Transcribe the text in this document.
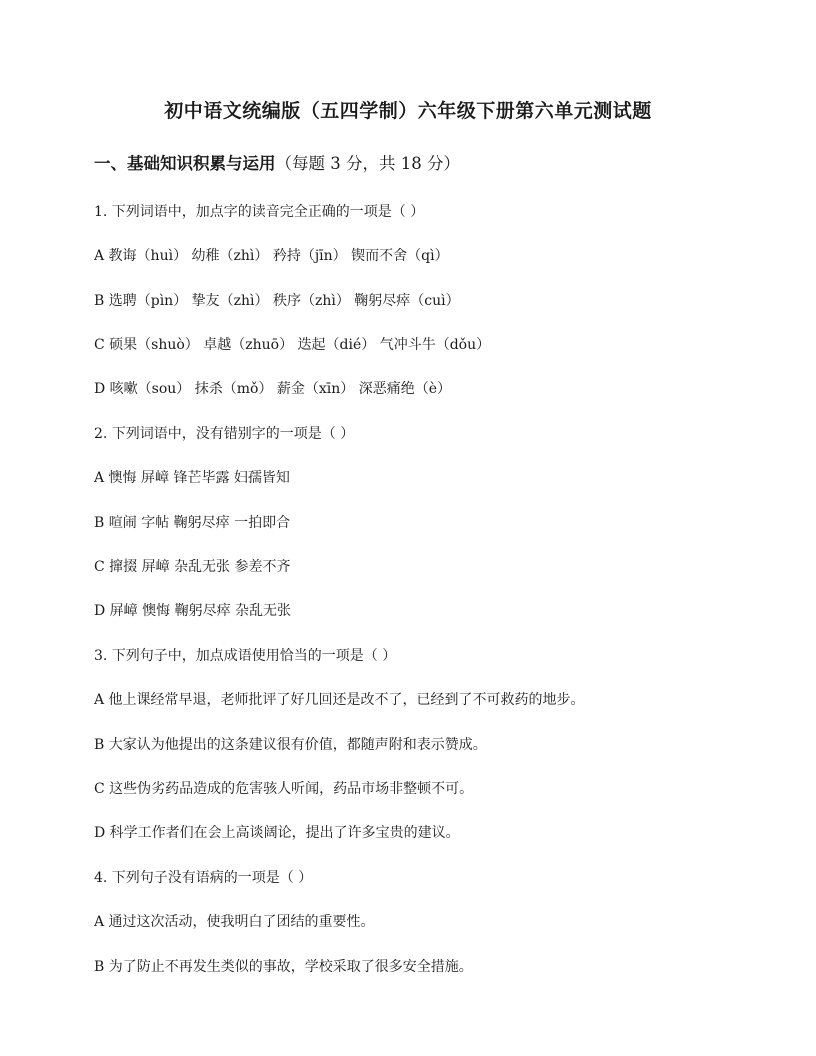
初中语文统编版（五四学制）六年级下册第六单元测试题
一、基础知识积累与运用（每题 3 分，共 18 分）
1. 下列词语中，加点字的读音完全正确的一项是（ ）
A 教诲（huì） 幼稚（zhì） 矜持（jīn） 锲而不舍（qì）
B 选聘（pìn） 挚友（zhì） 秩序（zhì） 鞠躬尽瘁（cuì）
C 硕果（shuò） 卓越（zhuō） 迭起（dié） 气冲斗牛（dǒu）
D 咳嗽（sou） 抹杀（mǒ） 薪金（xīn） 深恶痛绝（è）
2. 下列词语中，没有错别字的一项是（ ）
A 懊悔 屏嶂 锋芒毕露 妇孺皆知
B 喧闹 字帖 鞠躬尽瘁 一拍即合
C 撺掇 屏嶂 杂乱无张 参差不齐
D 屏嶂 懊悔 鞠躬尽瘁 杂乱无张
3. 下列句子中，加点成语使用恰当的一项是（ ）
A 他上课经常早退，老师批评了好几回还是改不了，已经到了不可救药的地步。
B 大家认为他提出的这条建议很有价值，都随声附和表示赞成。
C 这些伪劣药品造成的危害骇人听闻，药品市场非整顿不可。
D 科学工作者们在会上高谈阔论，提出了许多宝贵的建议。
4. 下列句子没有语病的一项是（ ）
A 通过这次活动，使我明白了团结的重要性。
B 为了防止不再发生类似的事故，学校采取了很多安全措施。
